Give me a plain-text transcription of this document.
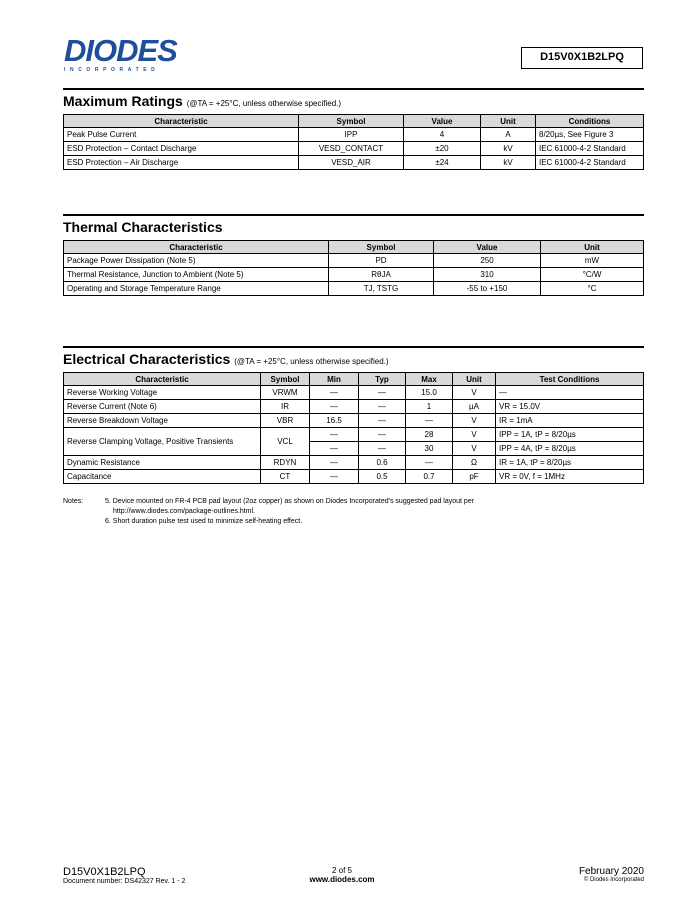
DIODES
INCORPORATED
D15V0X1B2LPQ
Maximum Ratings (@TA = +25°C, unless otherwise specified.)
Characteristic	Symbol	Value	Unit	Conditions
Peak Pulse Current	IPP	4	A	8/20µs, See Figure 3
ESD Protection – Contact Discharge	VESD_CONTACT	±20	kV	IEC 61000-4-2 Standard
ESD Protection – Air Discharge	VESD_AIR	±24	kV	IEC 61000-4-2 Standard
Thermal Characteristics
Characteristic	Symbol	Value	Unit
Package Power Dissipation (Note 5)	PD	250	mW
Thermal Resistance, Junction to Ambient (Note 5)	RθJA	310	°C/W
Operating and Storage Temperature Range	TJ, TSTG	-55 to +150	°C
Electrical Characteristics (@TA = +25°C, unless otherwise specified.)
Characteristic	Symbol	Min	Typ	Max	Unit	Test Conditions
Reverse Working Voltage	VRWM	—	—	15.0	V	—
Reverse Current (Note 6)	IR	—	—	1	µA	VR = 15.0V
Reverse Breakdown Voltage	VBR	16.5	—	—	V	IR = 1mA
Reverse Clamping Voltage, Positive Transients	VCL	—	—	28	V	IPP = 1A, tP = 8/20µs
		—	—	30	V	IPP = 4A, tP = 8/20µs
Dynamic Resistance	RDYN	—	0.6	—	Ω	IR = 1A, tP = 8/20µs
Capacitance	CT	—	0.5	0.7	pF	VR = 0V, f = 1MHz
Notes:	5. Device mounted on FR-4 PCB pad layout (2oz copper) as shown on Diodes Incorporated's suggested pad layout per
http://www.diodes.com/package-outlines.html.
6. Short duration pulse test used to minimize self-heating effect.
D15V0X1B2LPQ
Document number: DS42327 Rev. 1 - 2
2 of 5
www.diodes.com
February 2020
© Diodes Incorporated
